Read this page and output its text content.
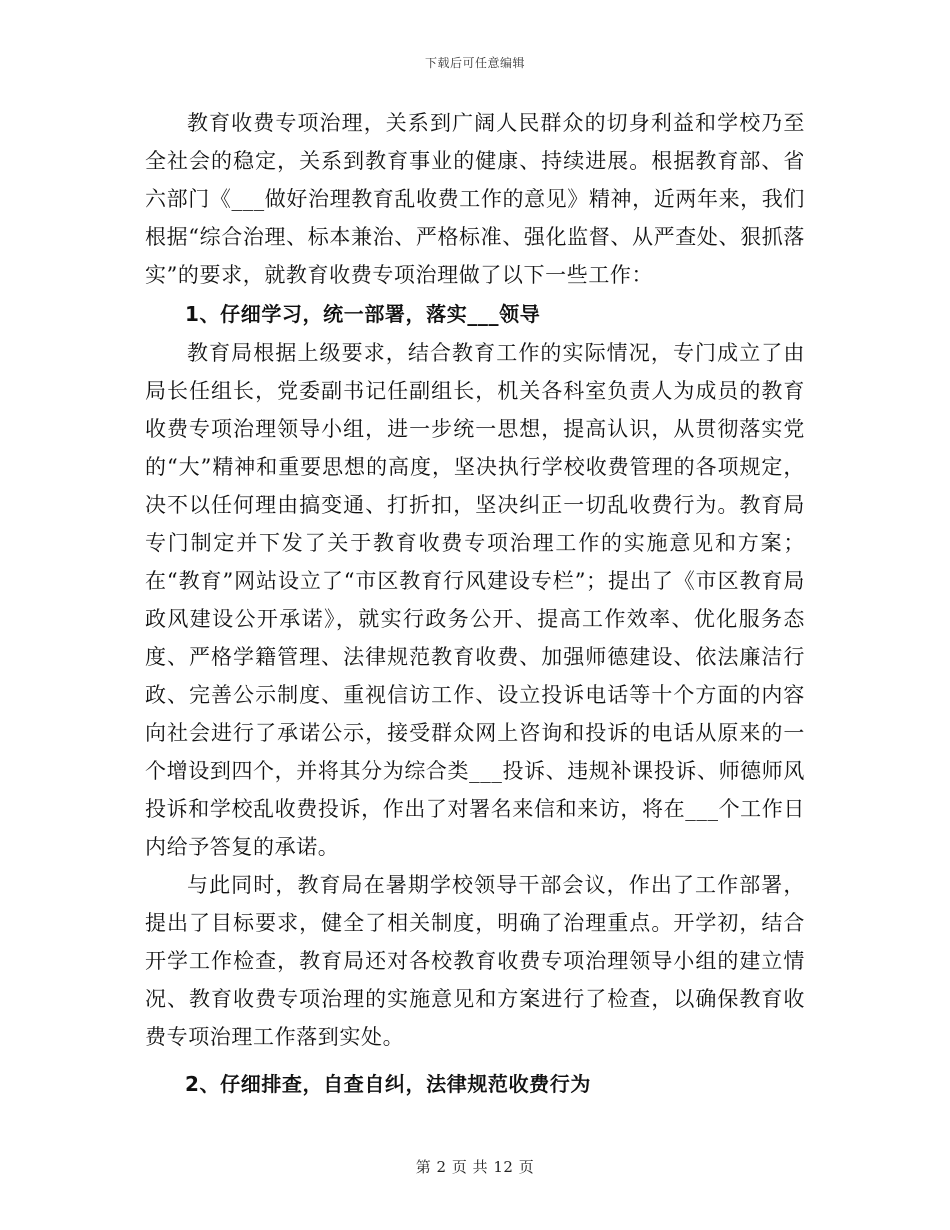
下载后可任意编辑

教育收费专项治理，关系到广阔人民群众的切身利益和学校乃至全社会的稳定，关系到教育事业的健康、持续进展。根据教育部、省六部门《___做好治理教育乱收费工作的意见》精神，近两年来，我们根据“综合治理、标本兼治、严格标准、强化监督、从严查处、狠抓落实”的要求，就教育收费专项治理做了以下一些工作：

1、仔细学习，统一部署，落实___领导

教育局根据上级要求，结合教育工作的实际情况，专门成立了由局长任组长，党委副书记任副组长，机关各科室负责人为成员的教育收费专项治理领导小组，进一步统一思想，提高认识，从贯彻落实党的“大”精神和重要思想的高度，坚决执行学校收费管理的各项规定，决不以任何理由搞变通、打折扣，坚决纠正一切乱收费行为。教育局专门制定并下发了关于教育收费专项治理工作的实施意见和方案；在“教育”网站设立了“市区教育行风建设专栏”；提出了《市区教育局政风建设公开承诺》，就实行政务公开、提高工作效率、优化服务态度、严格学籍管理、法律规范教育收费、加强师德建设、依法廉洁行政、完善公示制度、重视信访工作、设立投诉电话等十个方面的内容向社会进行了承诺公示，接受群众网上咨询和投诉的电话从原来的一个增设到四个，并将其分为综合类___投诉、违规补课投诉、师德师风投诉和学校乱收费投诉，作出了对署名来信和来访，将在___个工作日内给予答复的承诺。

与此同时，教育局在暑期学校领导干部会议，作出了工作部署，提出了目标要求，健全了相关制度，明确了治理重点。开学初，结合开学工作检查，教育局还对各校教育收费专项治理领导小组的建立情况、教育收费专项治理的实施意见和方案进行了检查，以确保教育收费专项治理工作落到实处。

2、仔细排查，自查自纠，法律规范收费行为

第 2 页 共 12 页
